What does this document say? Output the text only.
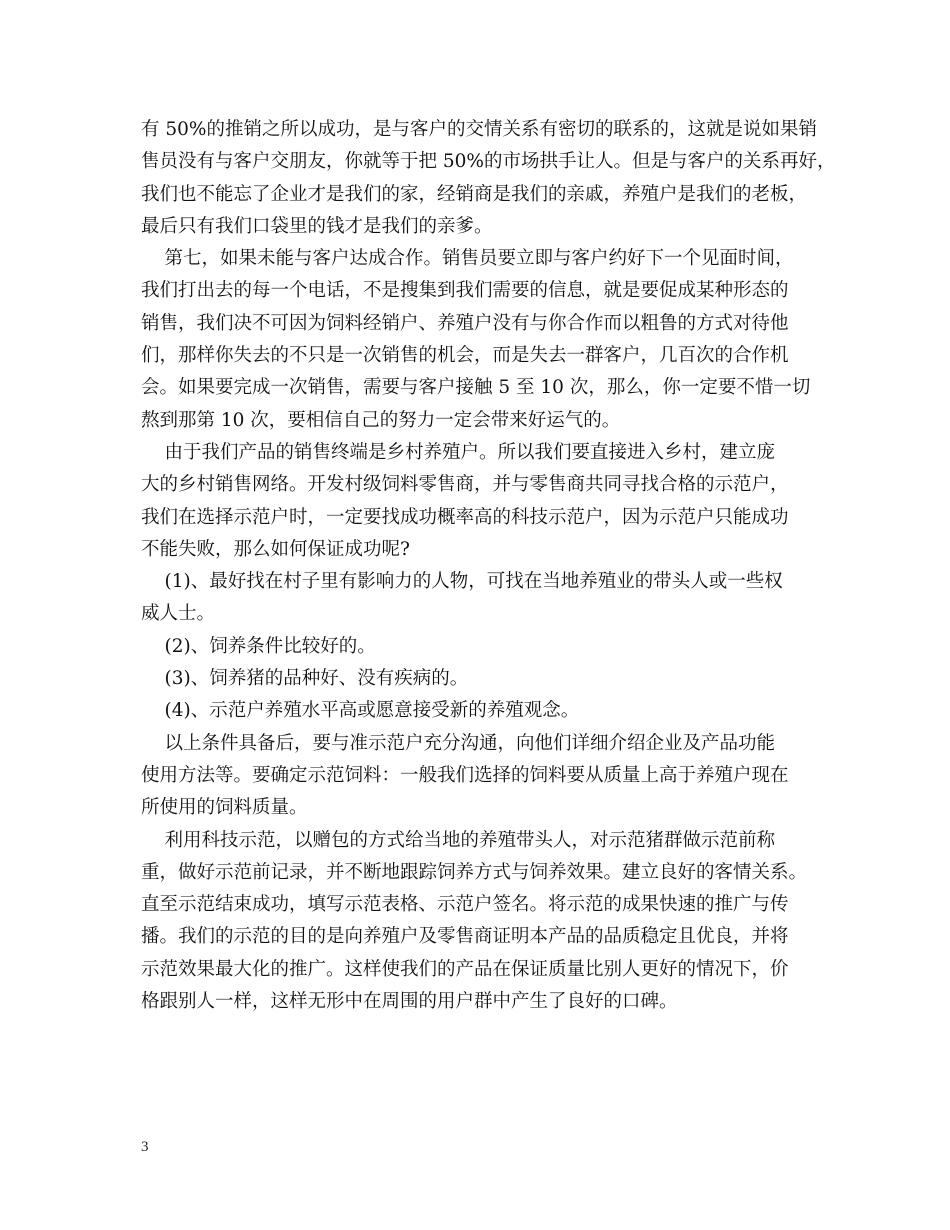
有 50%的推销之所以成功，是与客户的交情关系有密切的联系的，这就是说如果销
售员没有与客户交朋友，你就等于把 50%的市场拱手让人。但是与客户的关系再好，
我们也不能忘了企业才是我们的家，经销商是我们的亲戚，养殖户是我们的老板，
最后只有我们口袋里的钱才是我们的亲爹。
第七，如果未能与客户达成合作。销售员要立即与客户约好下一个见面时间，
我们打出去的每一个电话，不是搜集到我们需要的信息，就是要促成某种形态的
销售，我们决不可因为饲料经销户、养殖户没有与你合作而以粗鲁的方式对待他
们，那样你失去的不只是一次销售的机会，而是失去一群客户，几百次的合作机
会。如果要完成一次销售，需要与客户接触 5 至 10 次，那么，你一定要不惜一切
熬到那第 10 次，要相信自己的努力一定会带来好运气的。
由于我们产品的销售终端是乡村养殖户。所以我们要直接进入乡村，建立庞
大的乡村销售网络。开发村级饲料零售商，并与零售商共同寻找合格的示范户，
我们在选择示范户时，一定要找成功概率高的科技示范户，因为示范户只能成功
不能失败，那么如何保证成功呢?
(1)、最好找在村子里有影响力的人物，可找在当地养殖业的带头人或一些权
威人士。
(2)、饲养条件比较好的。
(3)、饲养猪的品种好、没有疾病的。
(4)、示范户养殖水平高或愿意接受新的养殖观念。
以上条件具备后，要与准示范户充分沟通，向他们详细介绍企业及产品功能
使用方法等。要确定示范饲料：一般我们选择的饲料要从质量上高于养殖户现在
所使用的饲料质量。
利用科技示范，以赠包的方式给当地的养殖带头人，对示范猪群做示范前称
重，做好示范前记录，并不断地跟踪饲养方式与饲养效果。建立良好的客情关系。
直至示范结束成功，填写示范表格、示范户签名。将示范的成果快速的推广与传
播。我们的示范的目的是向养殖户及零售商证明本产品的品质稳定且优良，并将
示范效果最大化的推广。这样使我们的产品在保证质量比别人更好的情况下，价
格跟别人一样，这样无形中在周围的用户群中产生了良好的口碑。
3
